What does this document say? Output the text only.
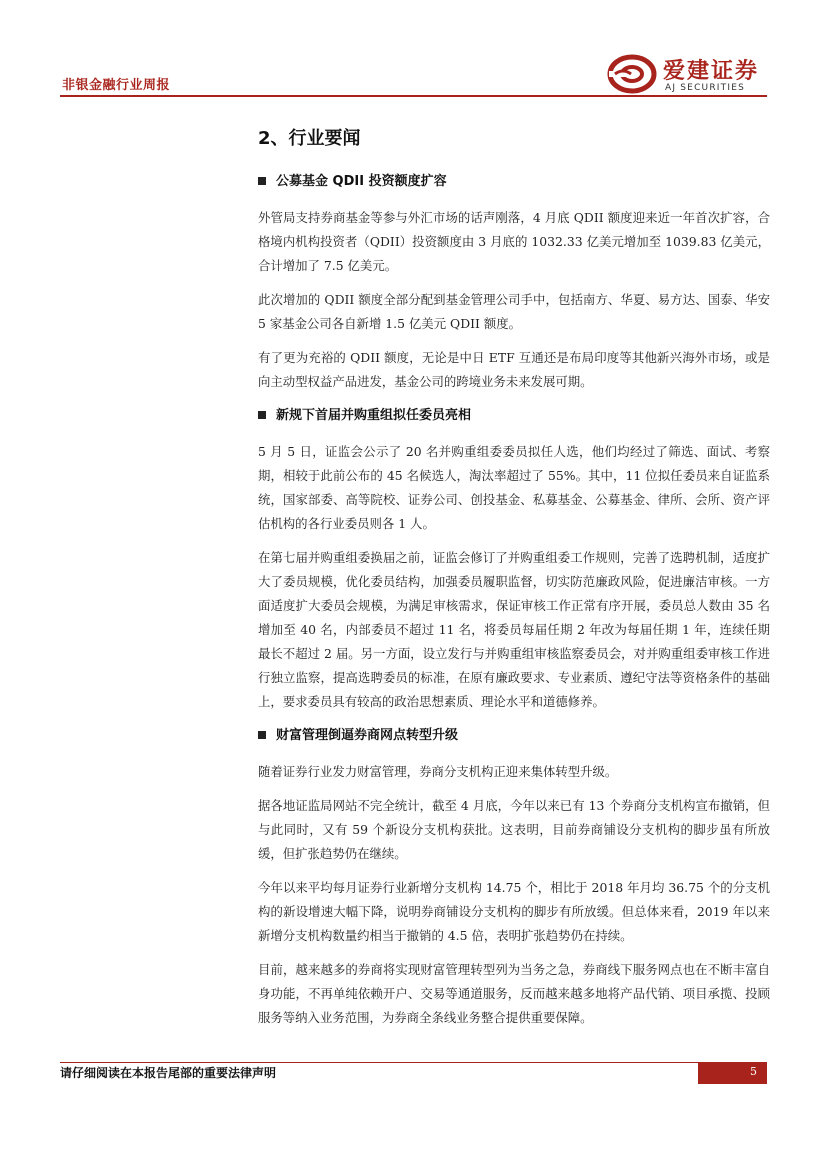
非银金融行业周报
爱建证券
AJ SECURITIES
2、行业要闻
公募基金 QDII 投资额度扩容

外管局支持券商基金等参与外汇市场的话声刚落，4 月底 QDII 额度迎来近一年首次扩容，合格境内机构投资者（QDII）投资额度由 3 月底的 1032.33 亿美元增加至 1039.83 亿美元，合计增加了 7.5 亿美元。

此次增加的 QDII 额度全部分配到基金管理公司手中，包括南方、华夏、易方达、国泰、华安 5 家基金公司各自新增 1.5 亿美元 QDII 额度。

有了更为充裕的 QDII 额度，无论是中日 ETF 互通还是布局印度等其他新兴海外市场，或是向主动型权益产品进发，基金公司的跨境业务未来发展可期。

新规下首届并购重组拟任委员亮相

5 月 5 日，证监会公示了 20 名并购重组委委员拟任人选，他们均经过了筛选、面试、考察期，相较于此前公布的 45 名候选人，淘汰率超过了 55%。其中，11 位拟任委员来自证监系统，国家部委、高等院校、证券公司、创投基金、私募基金、公募基金、律所、会所、资产评估机构的各行业委员则各 1 人。

在第七届并购重组委换届之前，证监会修订了并购重组委工作规则，完善了选聘机制，适度扩大了委员规模，优化委员结构，加强委员履职监督，切实防范廉政风险，促进廉洁审核。一方面适度扩大委员会规模，为满足审核需求，保证审核工作正常有序开展，委员总人数由 35 名增加至 40 名，内部委员不超过 11 名，将委员每届任期 2 年改为每届任期 1 年，连续任期最长不超过 2 届。另一方面，设立发行与并购重组审核监察委员会，对并购重组委审核工作进行独立监察，提高选聘委员的标准，在原有廉政要求、专业素质、遵纪守法等资格条件的基础上，要求委员具有较高的政治思想素质、理论水平和道德修养。

财富管理倒逼券商网点转型升级

随着证券行业发力财富管理，券商分支机构正迎来集体转型升级。

据各地证监局网站不完全统计，截至 4 月底，今年以来已有 13 个券商分支机构宣布撤销，但与此同时，又有 59 个新设分支机构获批。这表明，目前券商铺设分支机构的脚步虽有所放缓，但扩张趋势仍在继续。

今年以来平均每月证券行业新增分支机构 14.75 个，相比于 2018 年月均 36.75 个的分支机构的新设增速大幅下降，说明券商铺设分支机构的脚步有所放缓。但总体来看，2019 年以来新增分支机构数量约相当于撤销的 4.5 倍，表明扩张趋势仍在持续。

目前，越来越多的券商将实现财富管理转型列为当务之急，券商线下服务网点也在不断丰富自身功能，不再单纯依赖开户、交易等通道服务，反而越来越多地将产品代销、项目承揽、投顾服务等纳入业务范围，为券商全条线业务整合提供重要保障。

请仔细阅读在本报告尾部的重要法律声明	5
